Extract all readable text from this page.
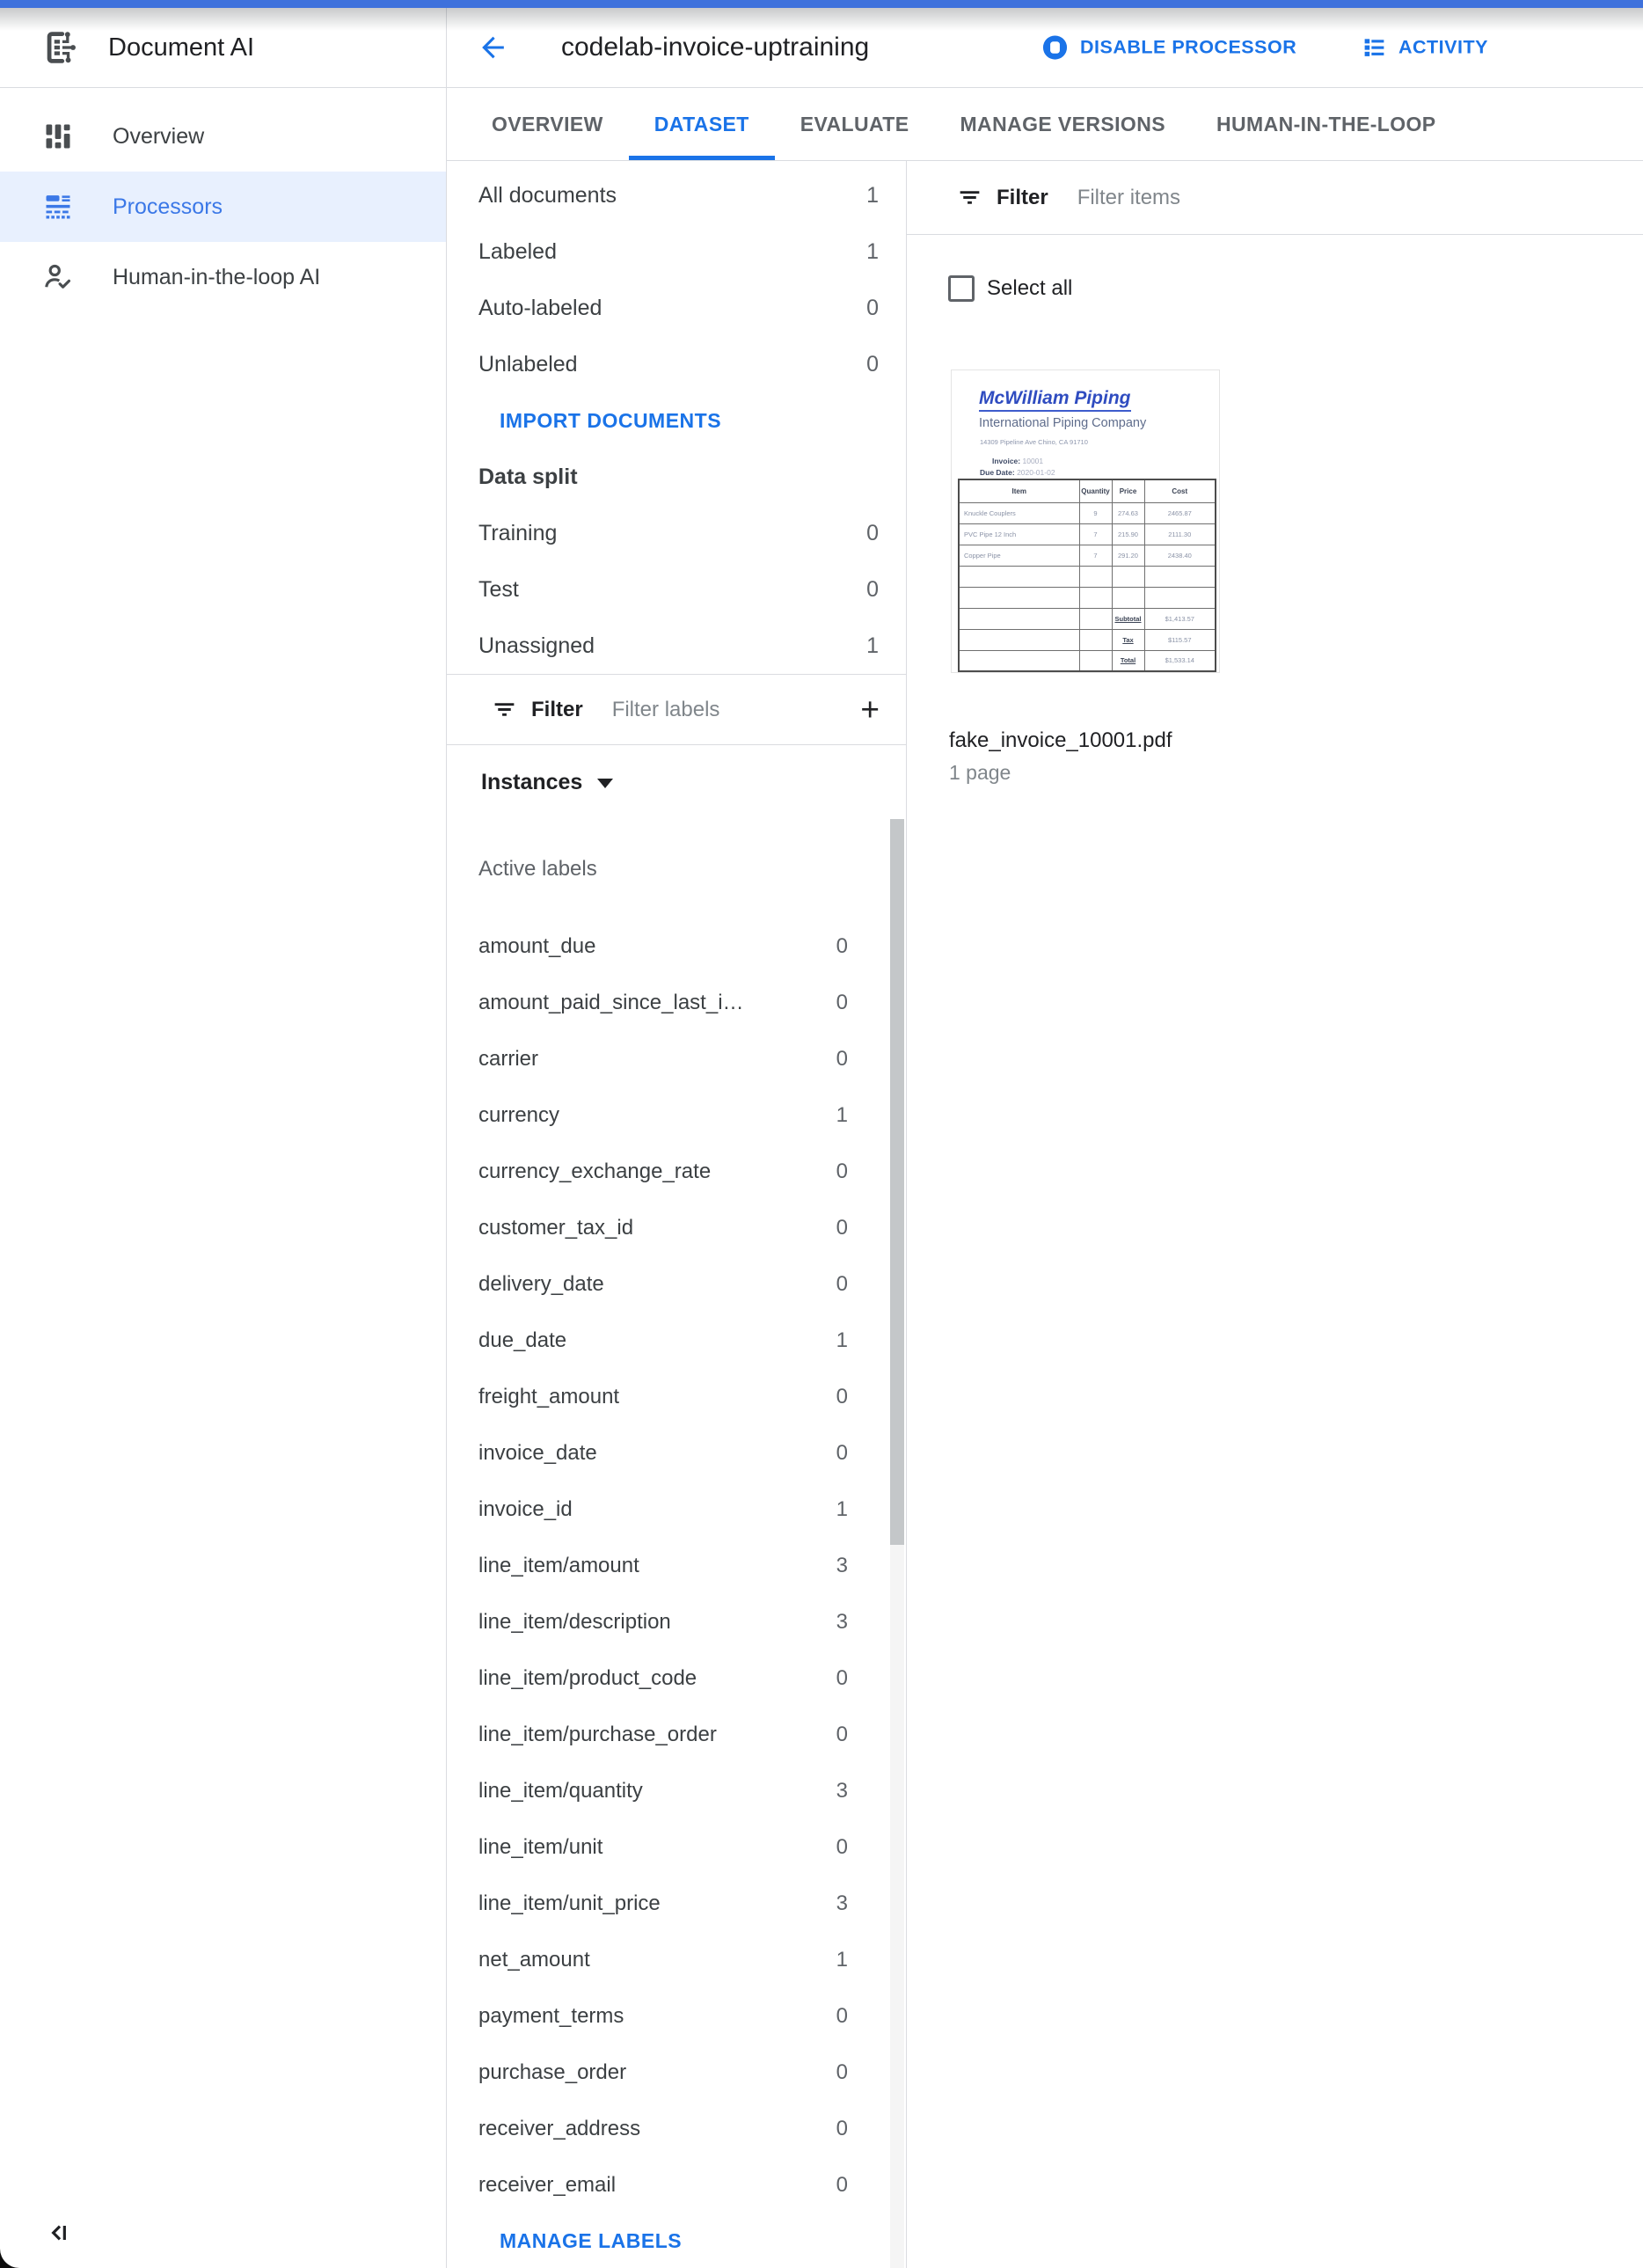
Document AI	codelab-invoice-uptraining	DISABLE PROCESSOR	ACTIVITY
Overview
Processors
Human-in-the-loop AI
OVERVIEW	DATASET	EVALUATE	MANAGE VERSIONS	HUMAN-IN-THE-LOOP
All documents	1
Labeled	1
Auto-labeled	0
Unlabeled	0
IMPORT DOCUMENTS
Data split
Training	0
Test	0
Unassigned	1
Filter
Filter labels	+
Instances
Active labels
amount_due	0
amount_paid_since_last_i…	0
carrier	0
currency	1
currency_exchange_rate	0
customer_tax_id	0
delivery_date	0
due_date	1
freight_amount	0
invoice_date	0
invoice_id	1
line_item/amount	3
line_item/description	3
line_item/product_code	0
line_item/purchase_order	0
line_item/quantity	3
line_item/unit	0
line_item/unit_price	3
net_amount	1
payment_terms	0
purchase_order	0
receiver_address	0
receiver_email	0
MANAGE LABELS
Filter
Filter items
Select all
McWilliam Piping
International Piping Company
14309 Pipeline Ave Chino, CA 91710
Invoice: 10001
Due Date: 2020-01-02
Item	Quantity	Price	Cost
Knuckle Couplers	9	274.63	2465.87
PVC Pipe 12 Inch	7	215.90	2111.30
Copper Pipe	7	291.20	2438.40

		Subtotal	$1,413.57
		Tax	$115.57
		Total	$1,533.14
fake_invoice_10001.pdf
1 page
